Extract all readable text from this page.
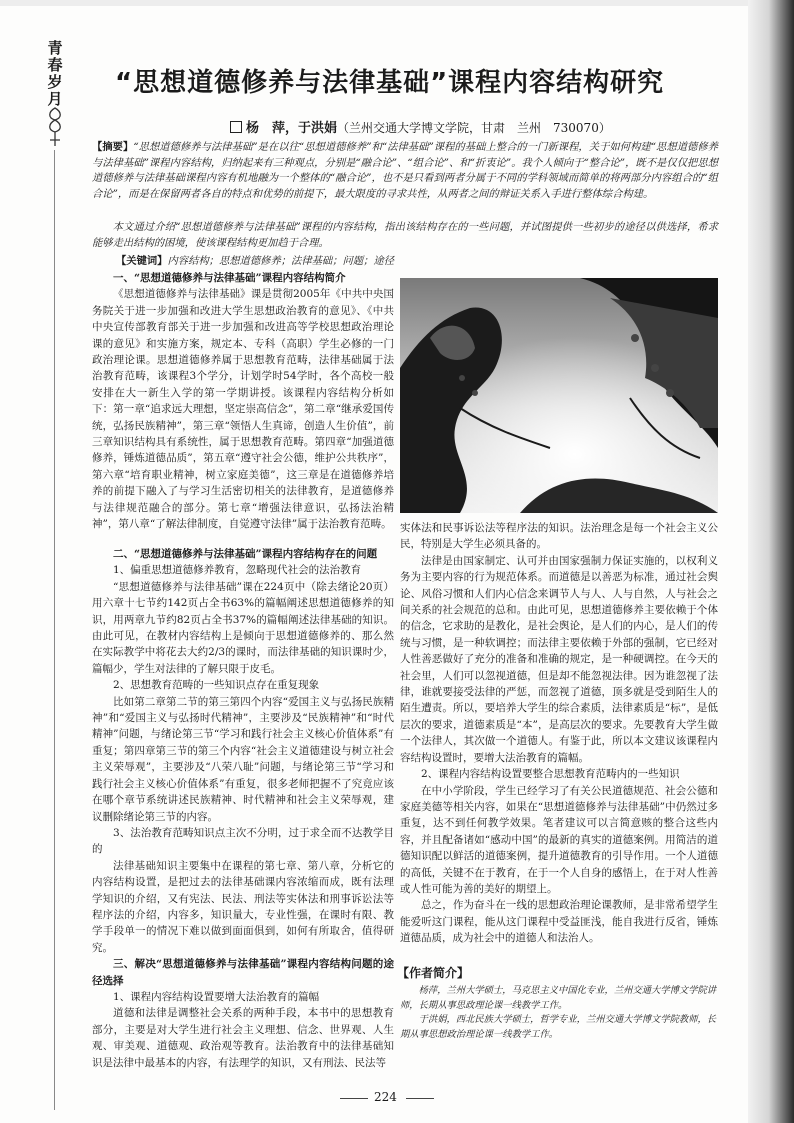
青春岁月
“思想道德修养与法律基础”课程内容结构研究
杨　萍，于洪娟（兰州交通大学博文学院，甘肃　兰州　730070）
【摘要】“思想道德修养与法律基础”是在以往“思想道德修养”和“法律基础”课程的基础上整合的一门新课程，关于如何构建“思想道德修养与法律基础”课程内容结构，归纳起来有三种观点，分别是“融合论”、“组合论”、和“折衷论”。我个人倾向于“整合论”，既不是仅仅把思想道德修养与法律基础课程内容有机地融为一个整体的“融合论”，也不是只看到两者分属于不同的学科领域而简单的将两部分内容组合的“组合论”，而是在保留两者各自的特点和优势的前提下，最大限度的寻求共性，从两者之间的辩证关系入手进行整体综合构建。
本文通过介绍“思想道德修养与法律基础”课程的内容结构，指出该结构存在的一些问题，并试图提供一些初步的途径以供选择，希求能够走出结构的困境，使该课程结构更加趋于合理。
【关键词】内容结构；思想道德修养；法律基础；问题；途径
一、“思想道德修养与法律基础”课程内容结构简介

《思想道德修养与法律基础》课是贯彻2005年《中共中央国务院关于进一步加强和改进大学生思想政治教育的意见》、《中共中央宣传部教育部关于进一步加强和改进高等学校思想政治理论课的意见》和实施方案，规定本、专科（高职）学生必修的一门政治理论课。思想道德修养属于思想教育范畴，法律基础属于法治教育范畴，该课程3个学分，计划学时54学时，各个高校一般安排在大一新生入学的第一学期讲授。该课程内容结构分析如下：第一章“追求远大理想，坚定崇高信念”，第二章“继承爱国传统，弘扬民族精神”，第三章“领悟人生真谛，创造人生价值”，前三章知识结构具有系统性，属于思想教育范畴。第四章“加强道德修养，锤炼道德品质”，第五章“遵守社会公德，维护公共秩序”，第六章“培育职业精神，树立家庭美德”，这三章是在道德修养培养的前提下融入了与学习生活密切相关的法律教育，是道德修养与法律规范融合的部分。第七章“增强法律意识，弘扬法治精神”，第八章“了解法律制度，自觉遵守法律”属于法治教育范畴。

二、“思想道德修养与法律基础”课程内容结构存在的问题
1、偏重思想道德修养教育，忽略现代社会的法治教育

“思想道德修养与法律基础”课在224页中（除去绪论20页）用六章十七节约142页占全书63%的篇幅阐述思想道德修养的知识，用两章九节约82页占全书37%的篇幅阐述法律基础的知识。由此可见，在教材内容结构上是倾向于思想道德修养的、那么然在实际教学中将花去大约2/3的课时，而法律基础的知识课时少，篇幅少，学生对法律的了解只限于皮毛。

2、思想教育范畴的一些知识点存在重复现象

比如第二章第二节的第三第四个内容“爱国主义与弘扬民族精神”和“爱国主义与弘扬时代精神”，主要涉及“民族精神”和“时代精神”问题，与绪论第三节“学习和践行社会主义核心价值体系”有重复；第四章第三节的第三个内容“社会主义道德建设与树立社会主义荣辱观”，主要涉及“八荣八耻”问题，与绪论第三节“学习和践行社会主义核心价值体系”有重复，很多老师把握不了究竟应该在哪个章节系统讲述民族精神、时代精神和社会主义荣辱观，建议删除绪论第三节的内容。

3、法治教育范畴知识点主次不分明，过于求全而不达教学目的

法律基础知识主要集中在课程的第七章、第八章，分析它的内容结构设置，是把过去的法律基础课内容浓缩而成，既有法理学知识的介绍，又有宪法、民法、刑法等实体法和刑事诉讼法等程序法的介绍，内容多，知识量大，专业性强，在课时有限、教学手段单一的情况下难以做到面面俱到，如何有所取舍，值得研究。

三、解决“思想道德修养与法律基础”课程内容结构问题的途径选择
1、课程内容结构设置要增大法治教育的篇幅

道德和法律是调整社会关系的两种手段，本书中的思想教育部分，主要是对大学生进行社会主义理想、信念、世界观、人生观、审美观、道德观、政治观等教育。法治教育中的法律基础知识是法律中最基本的内容，有法理学的知识，又有刑法、民法等

实体法和民事诉讼法等程序法的知识。法治理念是每一个社会主义公民，特别是大学生必须具备的。

法律是由国家制定、认可并由国家强制力保证实施的，以权利义务为主要内容的行为规范体系。而道德是以善恶为标准，通过社会舆论、风俗习惯和人们内心信念来调节人与人、人与自然，人与社会之间关系的社会规范的总和。由此可见，思想道德修养主要依赖于个体的信念，它求助的是教化，是社会舆论，是人们的内心，是人们的传统与习惯，是一种软调控；而法律主要依赖于外部的强制，它已经对人性善恶做好了充分的准备和准确的规定，是一种硬调控。在今天的社会里，人们可以忽视道德，但是却不能忽视法律。因为谁忽视了法律，谁就要接受法律的严惩，而忽视了道德，顶多就是受到陌生人的陌生遭责。所以，要培养大学生的综合素质，法律素质是“标”，是低层次的要求，道德素质是“本”，是高层次的要求。先要教育大学生做一个法律人，其次做一个道德人。有鉴于此，所以本文建议该课程内容结构设置时，要增大法治教育的篇幅。

2、课程内容结构设置要整合思想教育范畴内的一些知识

在中小学阶段，学生已经学习了有关公民道德规范、社会公德和家庭美德等相关内容，如果在“思想道德修养与法律基础”中仍然过多重复，达不到任何教学效果。笔者建议可以言简意赅的整合这些内容，并且配备诸如“感动中国”的最新的真实的道德案例。用简洁的道德知识配以鲜活的道德案例，提升道德教育的引导作用。一个人道德的高低，关键不在于教育，在于一个人自身的感悟上，在于对人性善或人性可能为善的美好的期望上。

总之，作为奋斗在一线的思想政治理论课教师，是非常希望学生能爱听这门课程，能从这门课程中受益匪浅，能自我进行反省，锤炼道德品质，成为社会中的道德人和法治人。

【作者简介】

杨萍，兰州大学硕士，马克思主义中国化专业，兰州交通大学博文学院讲师，长期从事思政理论课一线教学工作。

于洪娟，西北民族大学硕士，哲学专业，兰州交通大学博文学院教师，长期从事思想政治理论课一线教学工作。

224
